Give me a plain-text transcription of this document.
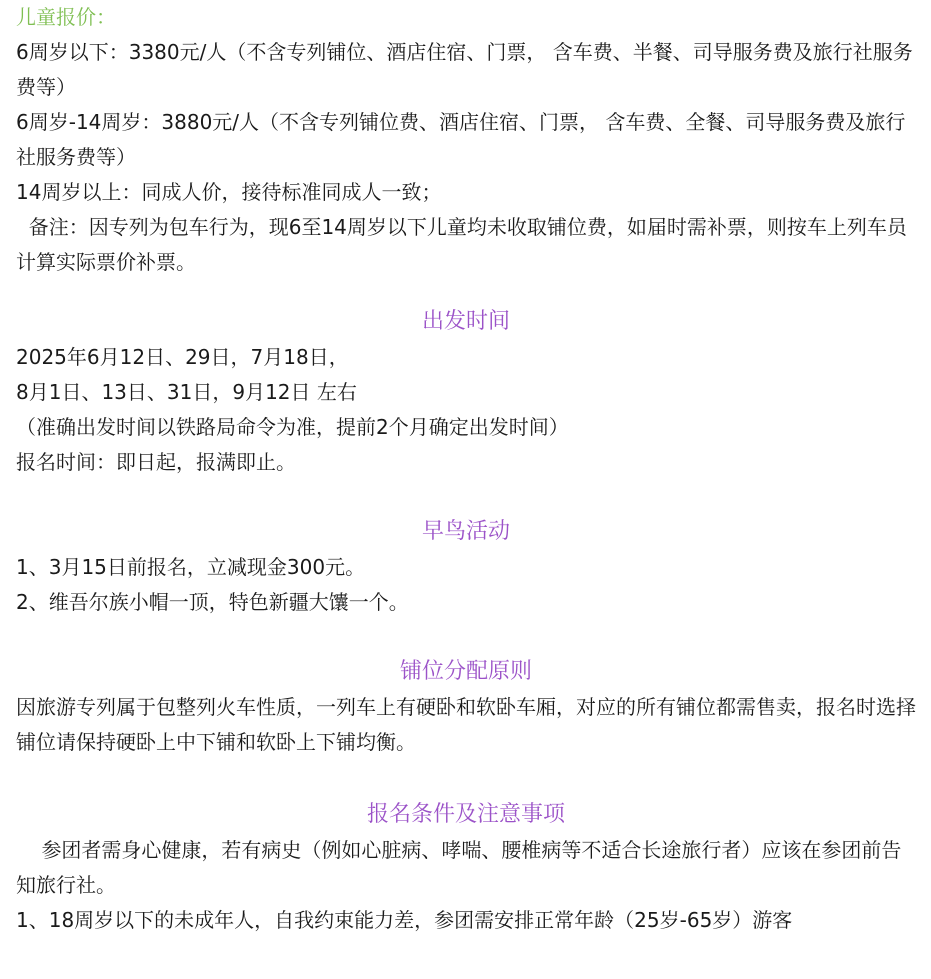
儿童报价：
6周岁以下：3380元/人（不含专列铺位、酒店住宿、门票， 含车费、半餐、司导服务费及旅行社服务费等）
6周岁-14周岁：3880元/人（不含专列铺位费、酒店住宿、门票， 含车费、全餐、司导服务费及旅行社服务费等）
14周岁以上：同成人价，接待标准同成人一致；
备注：因专列为包车行为，现6至14周岁以下儿童均未收取铺位费，如届时需补票，则按车上列车员计算实际票价补票。
出发时间
2025年6月12日、29日，7月18日，
8月1日、13日、31日，9月12日 左右
（准确出发时间以铁路局命令为准，提前2个月确定出发时间）
报名时间：即日起，报满即止。
早鸟活动
1、3月15日前报名，立减现金300元。
2、维吾尔族小帽一顶，特色新疆大馕一个。
铺位分配原则
因旅游专列属于包整列火车性质，一列车上有硬卧和软卧车厢，对应的所有铺位都需售卖，报名时选择铺位请保持硬卧上中下铺和软卧上下铺均衡。
报名条件及注意事项
参团者需身心健康，若有病史（例如心脏病、哮喘、腰椎病等不适合长途旅行者）应该在参团前告知旅行社。
1、18周岁以下的未成年人，自我约束能力差，参团需安排正常年龄（25岁-65岁）游客
